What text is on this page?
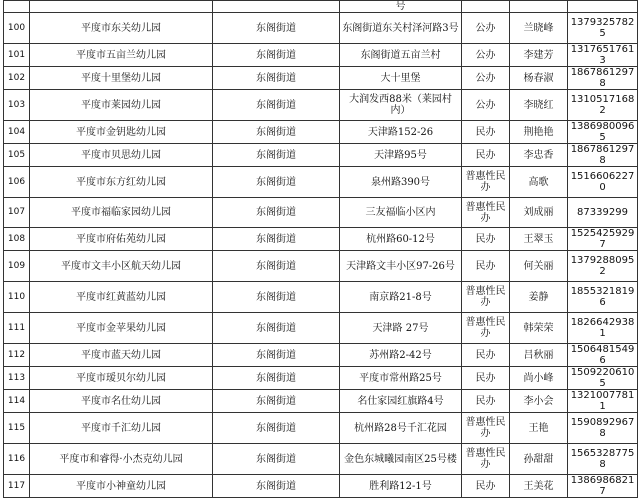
			号			
100	平度市东关幼儿园	东阁街道	东阁街道东关村泽河路3号	公办	兰晓峰	13793257825
101	平度市五亩兰幼儿园	东阁街道	东阁街道五亩兰村	公办	李建芳	13176517613
102	平度十里堡幼儿园	东阁街道	大十里堡	公办	杨春淑	18678612978
103	平度市莱园幼儿园	东阁街道	大润发西88米（莱园村内）	公办	李晓红	13105171682
104	平度市金钥匙幼儿园	东阁街道	天津路152-26	民办	荆艳艳	13869800965
105	平度市贝思幼儿园	东阁街道	天津路95号	民办	李忠香	18678612978
106	平度市东方红幼儿园	东阁街道	泉州路390号	普惠性民办	高歌	15166062270
107	平度市福临家园幼儿园	东阁街道	三友福临小区内	普惠性民办	刘成丽	87339299
108	平度市府佑苑幼儿园	东阁街道	杭州路60-12号	民办	王翠玉	15254259297
109	平度市文丰小区航天幼儿园	东阁街道	天津路文丰小区97-26号	民办	何关丽	13792880952
110	平度市红黄蓝幼儿园	东阁街道	南京路21-8号	普惠性民办	姜静	18553218196
111	平度市金苹果幼儿园	东阁街道	天津路 27号	普惠性民办	韩荣荣	18266429381
112	平度市蓝天幼儿园	东阁街道	苏州路2-42号	民办	吕秋丽	15064815496
113	平度市瑷贝尔幼儿园	东阁街道	平度市常州路25号	民办	尚小峰	15092206105
114	平度市名仕幼儿园	东阁街道	名仕家园红旗路4号	民办	李小会	13210077811
115	平度市千汇幼儿园	东阁街道	杭州路28号千汇花园	普惠性民办	王艳	15908929678
116	平度市和睿得·小杰克幼儿园	东阁街道	金色东城曦园南区25号楼	普惠性民办	孙甜甜	15653287758
117	平度市小神童幼儿园	东阁街道	胜利路12-1号	民办	王美花	13869868217
